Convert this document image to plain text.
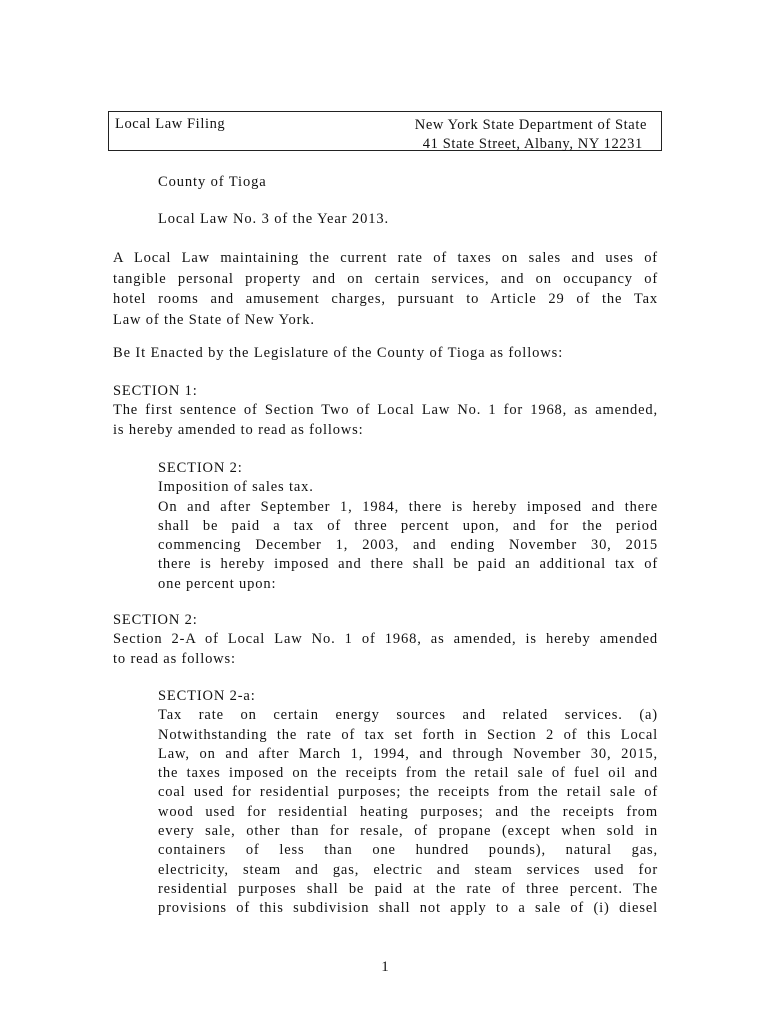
Local Law Filing	New York State Department of State
41 State Street, Albany, NY 12231
County of Tioga
Local Law No. 3 of the Year 2013.
A Local Law maintaining the current rate of taxes on sales and uses of
tangible personal property and on certain services, and on occupancy of
hotel rooms and amusement charges, pursuant to Article 29 of the Tax
Law of the State of New York.
Be It Enacted by the Legislature of the County of Tioga as follows:
SECTION 1:
The first sentence of Section Two of Local Law No. 1 for 1968, as amended,
is hereby amended to read as follows:
SECTION 2:
Imposition of sales tax.
On and after September 1, 1984, there is hereby imposed and there
shall be paid a tax of three percent upon, and for the period
commencing December 1, 2003, and ending November 30, 2015
there is hereby imposed and there shall be paid an additional tax of
one percent upon:
SECTION 2:
Section 2-A of Local Law No. 1 of 1968, as amended, is hereby amended
to read as follows:
SECTION 2-a:
Tax rate on certain energy sources and related services. (a)
Notwithstanding the rate of tax set forth in Section 2 of this Local
Law, on and after March 1, 1994, and through November 30, 2015,
the taxes imposed on the receipts from the retail sale of fuel oil and
coal used for residential purposes; the receipts from the retail sale of
wood used for residential heating purposes; and the receipts from
every sale, other than for resale, of propane (except when sold in
containers of less than one hundred pounds), natural gas,
electricity, steam and gas, electric and steam services used for
residential purposes shall be paid at the rate of three percent. The
provisions of this subdivision shall not apply to a sale of (i) diesel
1
